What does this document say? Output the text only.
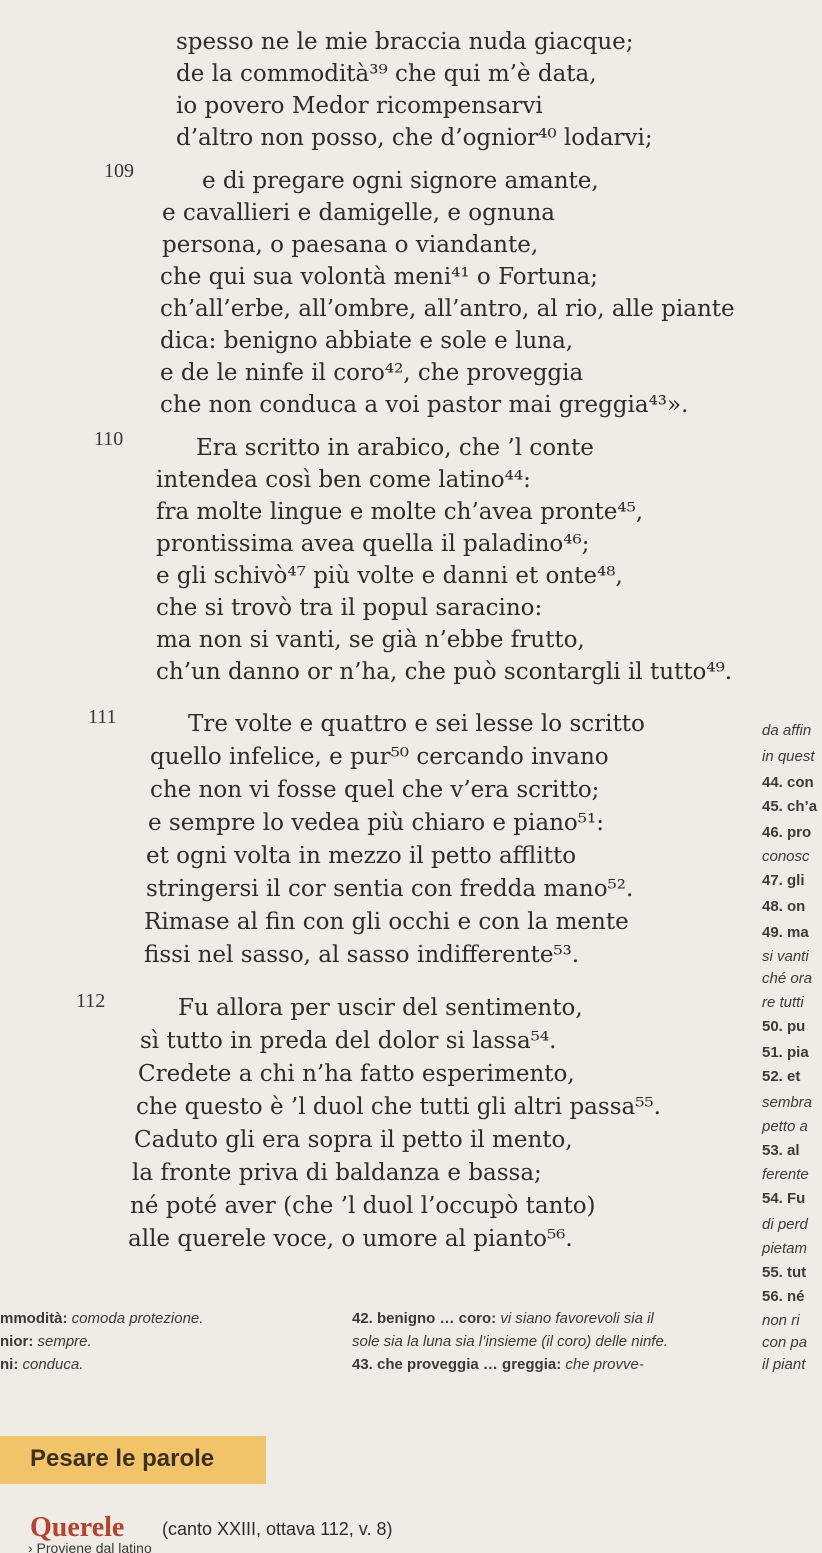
spesso ne le mie braccia nuda giacque;
de la commodità³⁹ che qui m’è data,
io povero Medor ricompensarvi
d’altro non posso, che d’ognior⁴⁰ lodarvi;
109	e di pregare ogni signore amante,
e cavallieri e damigelle, e ognuna
persona, o paesana o viandante,
che qui sua volontà meni⁴¹ o Fortuna;
ch’all’erbe, all’ombre, all’antro, al rio, alle piante
dica: benigno abbiate e sole e luna,
e de le ninfe il coro⁴², che proveggia
che non conduca a voi pastor mai greggia⁴³».
110	Era scritto in arabico, che ’l conte
intendea così ben come latino⁴⁴:
fra molte lingue e molte ch’avea pronte⁴⁵,
prontissima avea quella il paladino⁴⁶;
e gli schivò⁴⁷ più volte e danni et onte⁴⁸,
che si trovò tra il popul saracino:
ma non si vanti, se già n’ebbe frutto,
ch’un danno or n’ha, che può scontargli il tutto⁴⁹.
111	Tre volte e quattro e sei lesse lo scritto
quello infelice, e pur⁵⁰ cercando invano
che non vi fosse quel che v’era scritto;
e sempre lo vedea più chiaro e piano⁵¹:
et ogni volta in mezzo il petto afflitto
stringersi il cor sentia con fredda mano⁵².
Rimase al fin con gli occhi e con la mente
fissi nel sasso, al sasso indifferente⁵³.
112	Fu allora per uscir del sentimento,
sì tutto in preda del dolor si lassa⁵⁴.
Credete a chi n’ha fatto esperimento,
che questo è ’l duol che tutti gli altri passa⁵⁵.
Caduto gli era sopra il petto il mento,
la fronte priva di baldanza e bassa;
né poté aver (che ’l duol l’occupò tanto)
alle querele voce, o umore al pianto⁵⁶.
da affin
in quest
44. con
45. ch’a
46. pro
conosc
47. gli
48. on
49. ma
si vanti
ché ora
re tutti
50. pu
51. pia
52. et
sembra
petto a
53. al
ferente
54. Fu
di perd
pietam
55. tut
56. né
non ri
con pa
il piant
mmodità: comoda protezione.
nior: sempre.
ni: conduca.
42. benigno … coro: vi siano favorevoli sia il
sole sia la luna sia l’insieme (il coro) delle ninfe.
43. che proveggia … greggia: che provve-
Pesare le parole
Querele (canto XXIII, ottava 112, v. 8)
› Proviene dal latino
